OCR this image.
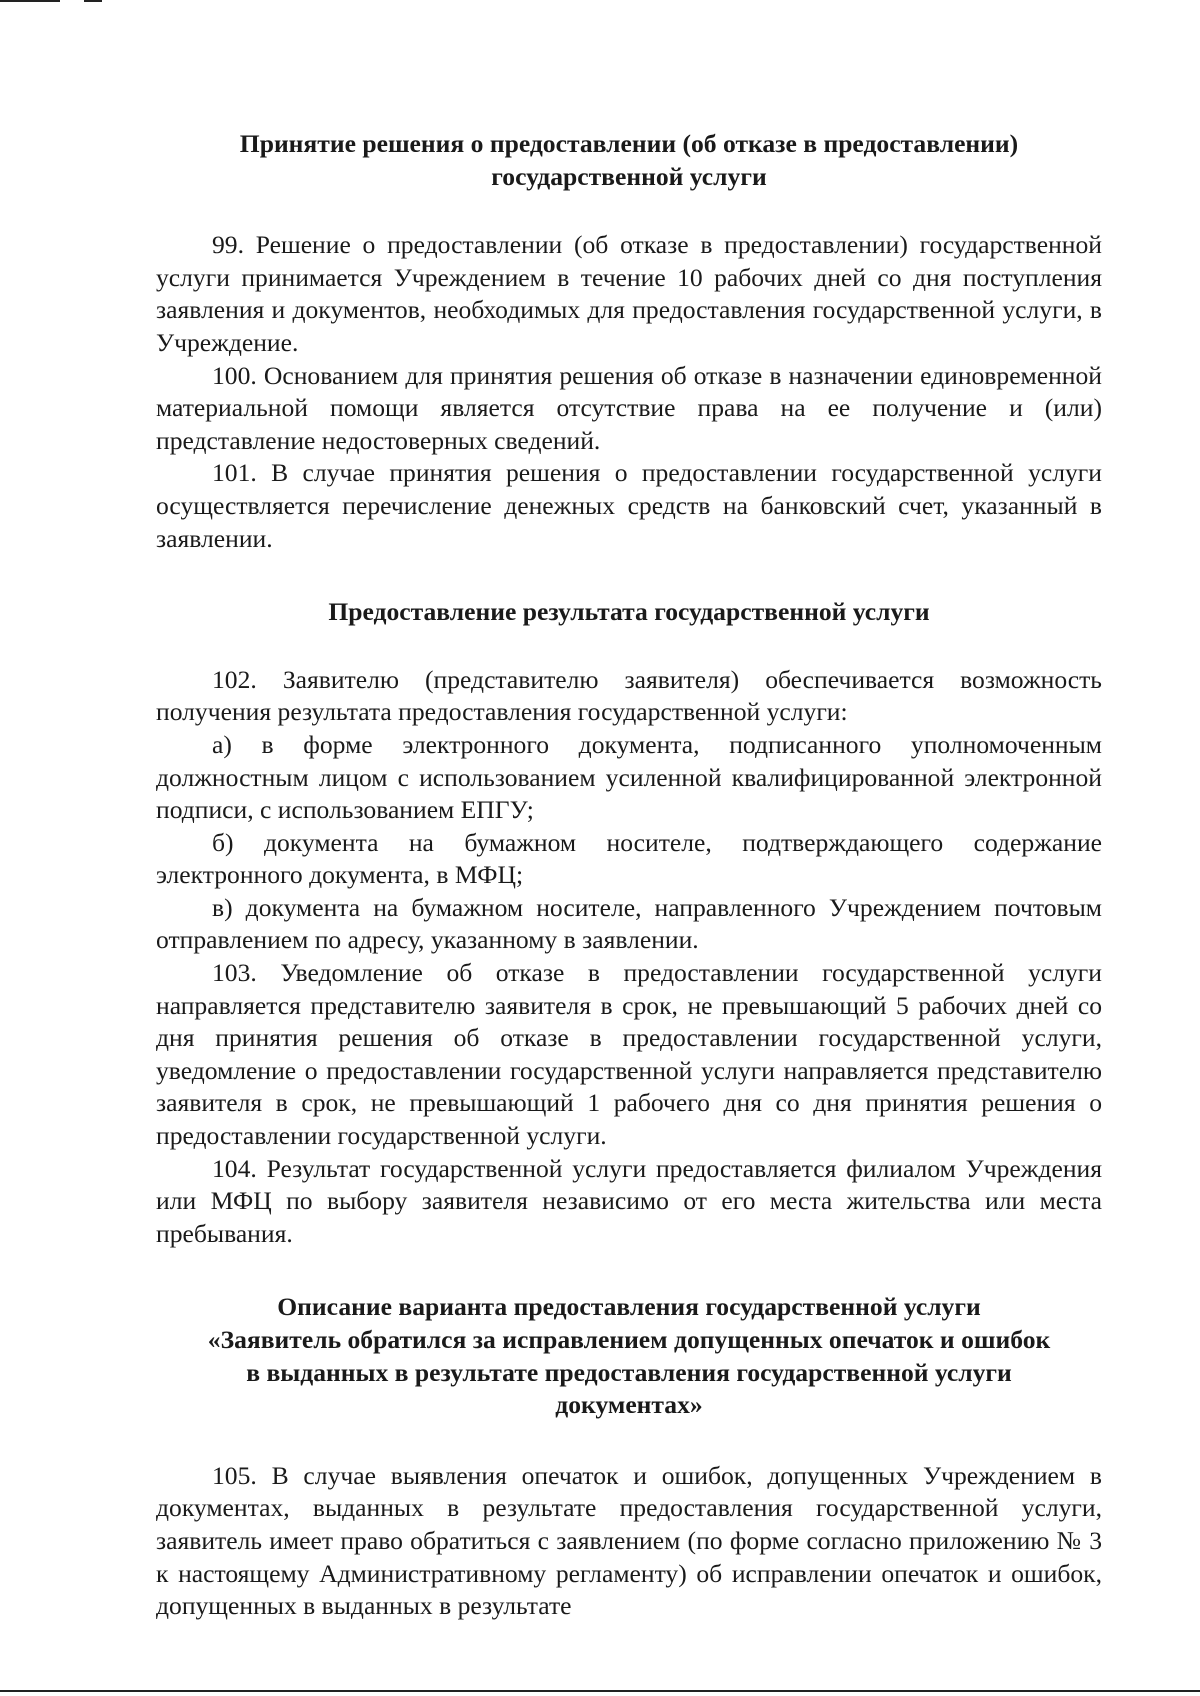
Принятие решения о предоставлении (об отказе в предоставлении)
государственной услуги

99. Решение о предоставлении (об отказе в предоставлении) государственной услуги принимается Учреждением в течение 10 рабочих дней со дня поступления заявления и документов, необходимых для предоставления государственной услуги, в Учреждение.

100. Основанием для принятия решения об отказе в назначении единовременной материальной помощи является отсутствие права на ее получение и (или) представление недостоверных сведений.

101. В случае принятия решения о предоставлении государственной услуги осуществляется перечисление денежных средств на банковский счет, указанный в заявлении.

Предоставление результата государственной услуги

102. Заявителю (представителю заявителя) обеспечивается возможность получения результата предоставления государственной услуги:

а) в форме электронного документа, подписанного уполномоченным должностным лицом с использованием усиленной квалифицированной электронной подписи, с использованием ЕПГУ;

б) документа на бумажном носителе, подтверждающего содержание электронного документа, в МФЦ;

в) документа на бумажном носителе, направленного Учреждением почтовым отправлением по адресу, указанному в заявлении.

103. Уведомление об отказе в предоставлении государственной услуги направляется представителю заявителя в срок, не превышающий 5 рабочих дней со дня принятия решения об отказе в предоставлении государственной услуги, уведомление о предоставлении государственной услуги направляется представителю заявителя в срок, не превышающий 1 рабочего дня со дня принятия решения о предоставлении государственной услуги.

104. Результат государственной услуги предоставляется филиалом Учреждения или МФЦ по выбору заявителя независимо от его места жительства или места пребывания.

Описание варианта предоставления государственной услуги
«Заявитель обратился за исправлением допущенных опечаток и ошибок
в выданных в результате предоставления государственной услуги
документах»

105. В случае выявления опечаток и ошибок, допущенных Учреждением в документах, выданных в результате предоставления государственной услуги, заявитель имеет право обратиться с заявлением (по форме согласно приложению № 3 к настоящему Административному регламенту) об исправлении опечаток и ошибок, допущенных в выданных в результате
